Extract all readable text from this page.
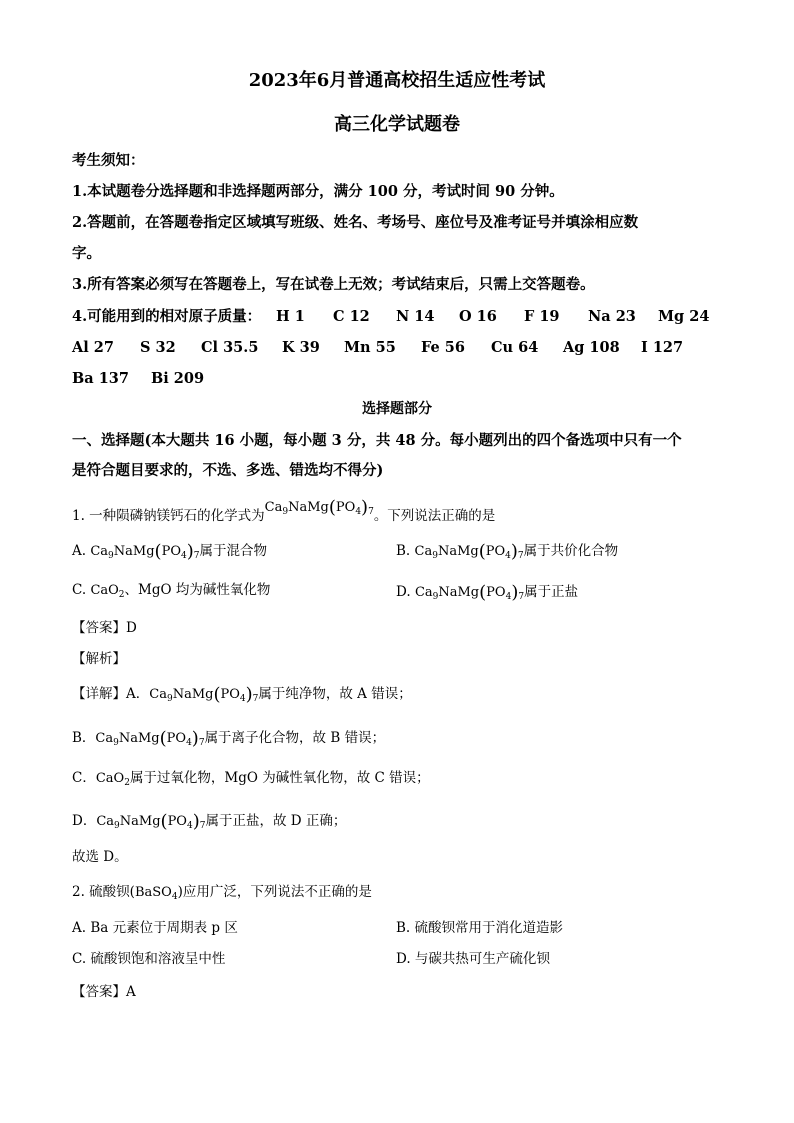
2023年6月普通高校招生适应性考试
高三化学试题卷
考生须知：
1.本试题卷分选择题和非选择题两部分，满分 100 分，考试时间 90 分钟。
2.答题前，在答题卷指定区域填写班级、姓名、考场号、座位号及准考证号并填涂相应数
字。
3.所有答案必须写在答题卷上，写在试卷上无效；考试结束后，只需上交答题卷。
4.可能用到的相对原子质量： H 1 C 12 N 14 O 16 F 19 Na 23 Mg 24
Al 27 S 32 Cl 35.5 K 39 Mn 55 Fe 56 Cu 64 Ag 108 I 127
Ba 137 Bi 209
选择题部分
一、选择题(本大题共 16 小题，每小题 3 分，共 48 分。每小题列出的四个备选项中只有一个
是符合题目要求的，不选、多选、错选均不得分)
1. 一种陨磷钠镁钙石的化学式为$Ca_9NaMg(PO_4)_7$。下列说法正确的是
A. $Ca_9NaMg(PO_4)_7$属于混合物	B. $Ca_9NaMg(PO_4)_7$属于共价化合物
C. CaO$_2$、MgO 均为碱性氧化物	D. $Ca_9NaMg(PO_4)_7$属于正盐
【答案】D
【解析】
【详解】A．$Ca_9NaMg(PO_4)_7$属于纯净物，故 A 错误；
B．$Ca_9NaMg(PO_4)_7$属于离子化合物，故 B 错误；
C．CaO$_2$属于过氧化物，MgO 为碱性氧化物，故 C 错误；
D．$Ca_9NaMg(PO_4)_7$属于正盐，故 D 正确；
故选 D。
2. 硫酸钡(BaSO$_4$)应用广泛，下列说法不正确的是
A. Ba 元素位于周期表 p 区	B. 硫酸钡常用于消化道造影
C. 硫酸钡饱和溶液呈中性	D. 与碳共热可生产硫化钡
【答案】A
